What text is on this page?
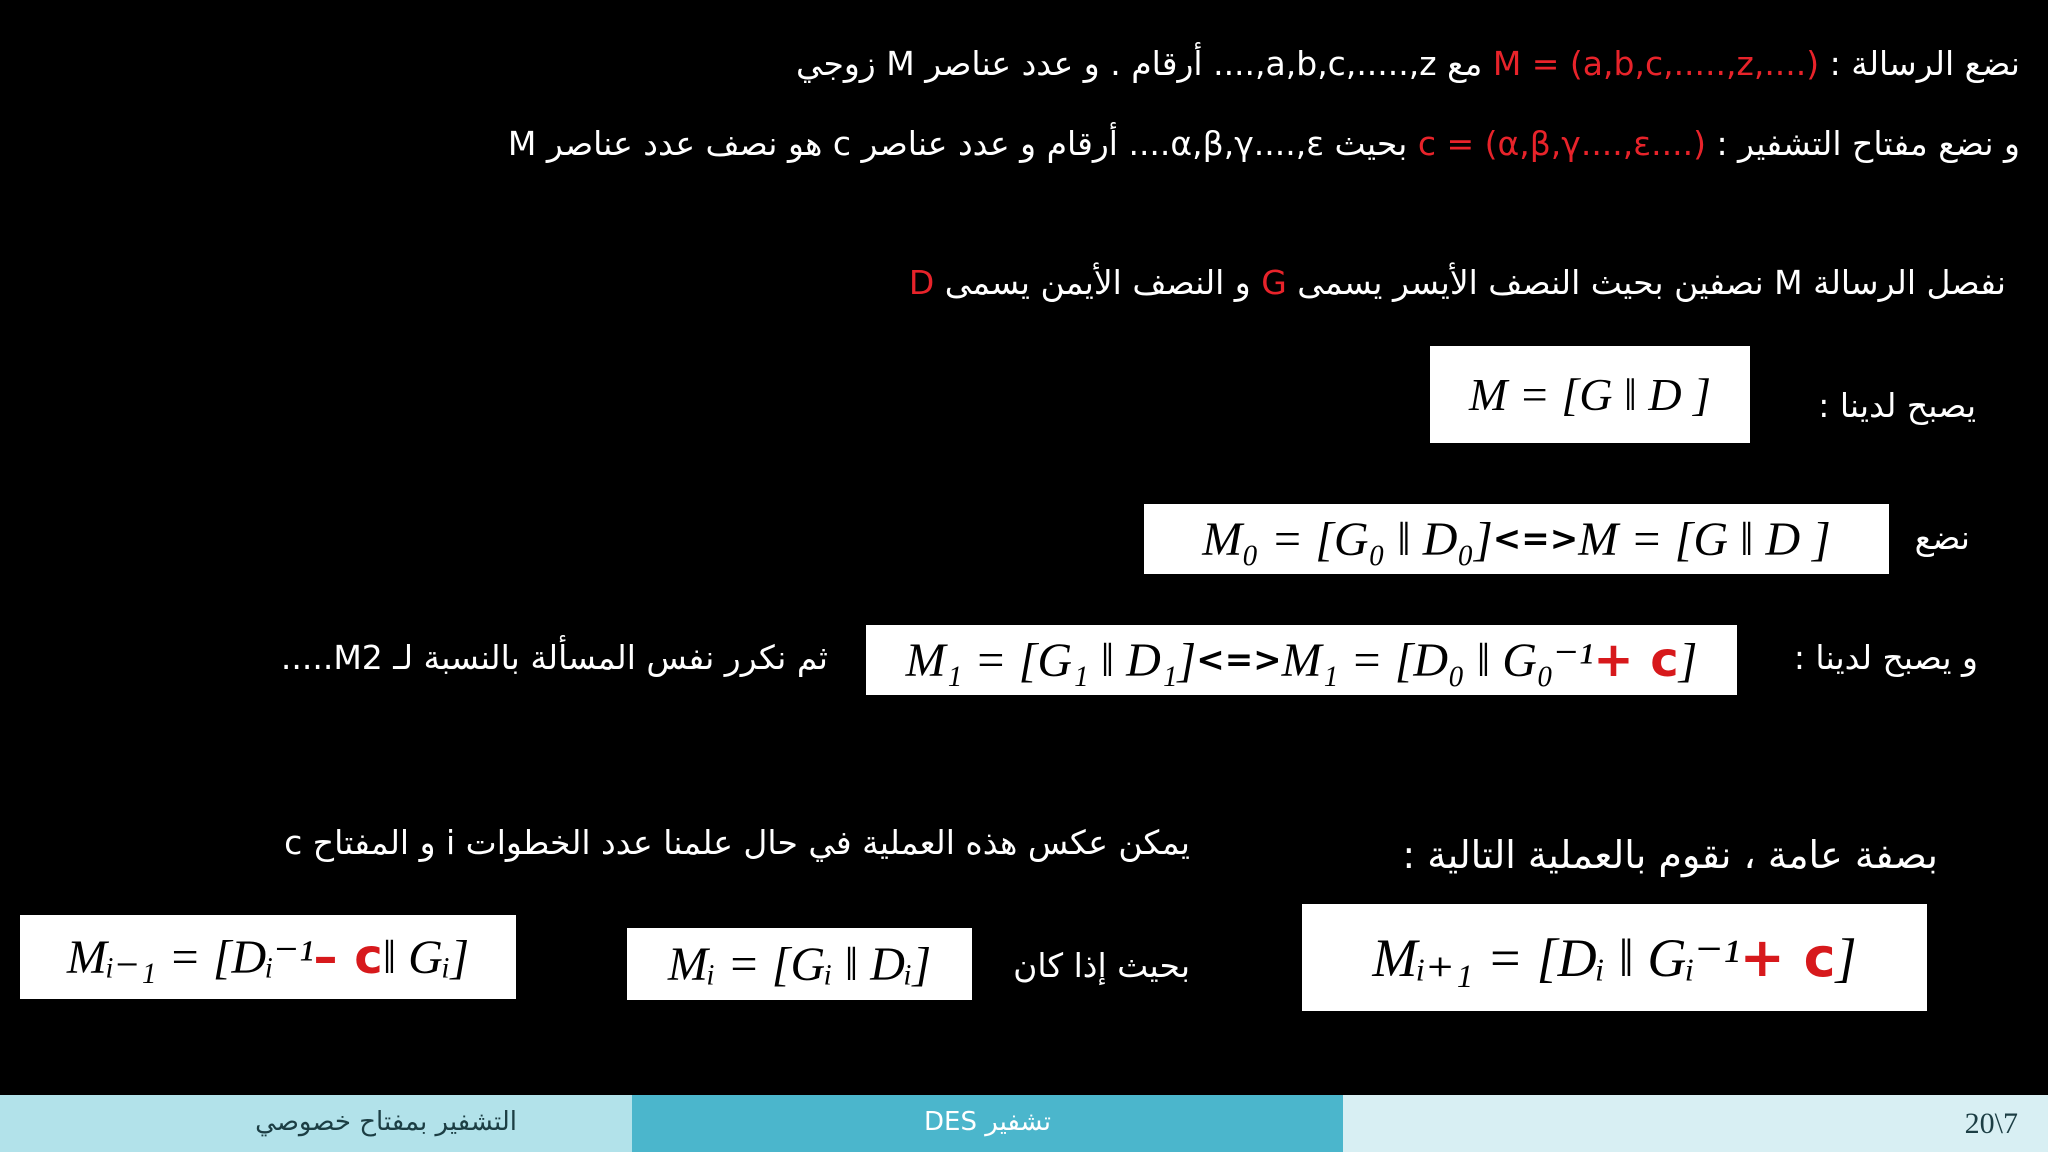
نضع الرسالة : M = (a,b,c,.....,z,....) مع a,b,c,.....,z,.... أرقام . و عدد عناصر M زوجي
و نضع مفتاح التشفير : c = (α,β,γ....,ε....) بحيث α,β,γ....,ε.... أرقام و عدد عناصر c هو نصف عدد عناصر M
نفصل الرسالة M نصفين بحيث النصف الأيسر يسمى G و النصف الأيمن يسمى D
يصبح لدينا :
M = [G ‖ D ]
نضع
M₀ = [G₀ ‖ D₀] <=> M = [G ‖ D ]
و يصبح لدينا :
M₁ = [G₁ ‖ D₁] <=> M₁ = [D₀ ‖ G₀⁻¹ + c ]
ثم نكرر نفس المسألة بالنسبة لـ M2.....
بصفة عامة ، نقوم بالعملية التالية :
يمكن عكس هذه العملية في حال علمنا عدد الخطوات i و المفتاح c
Mᵢ₊₁ = [Dᵢ ‖ Gᵢ⁻¹ + c ]
بحيث إذا كان
Mᵢ = [Gᵢ ‖ Dᵢ]
Mᵢ₋₁ = [Dᵢ⁻¹ – c ‖ Gᵢ]
التشفير بمفتاح خصوصي	تشفير DES	20\7
